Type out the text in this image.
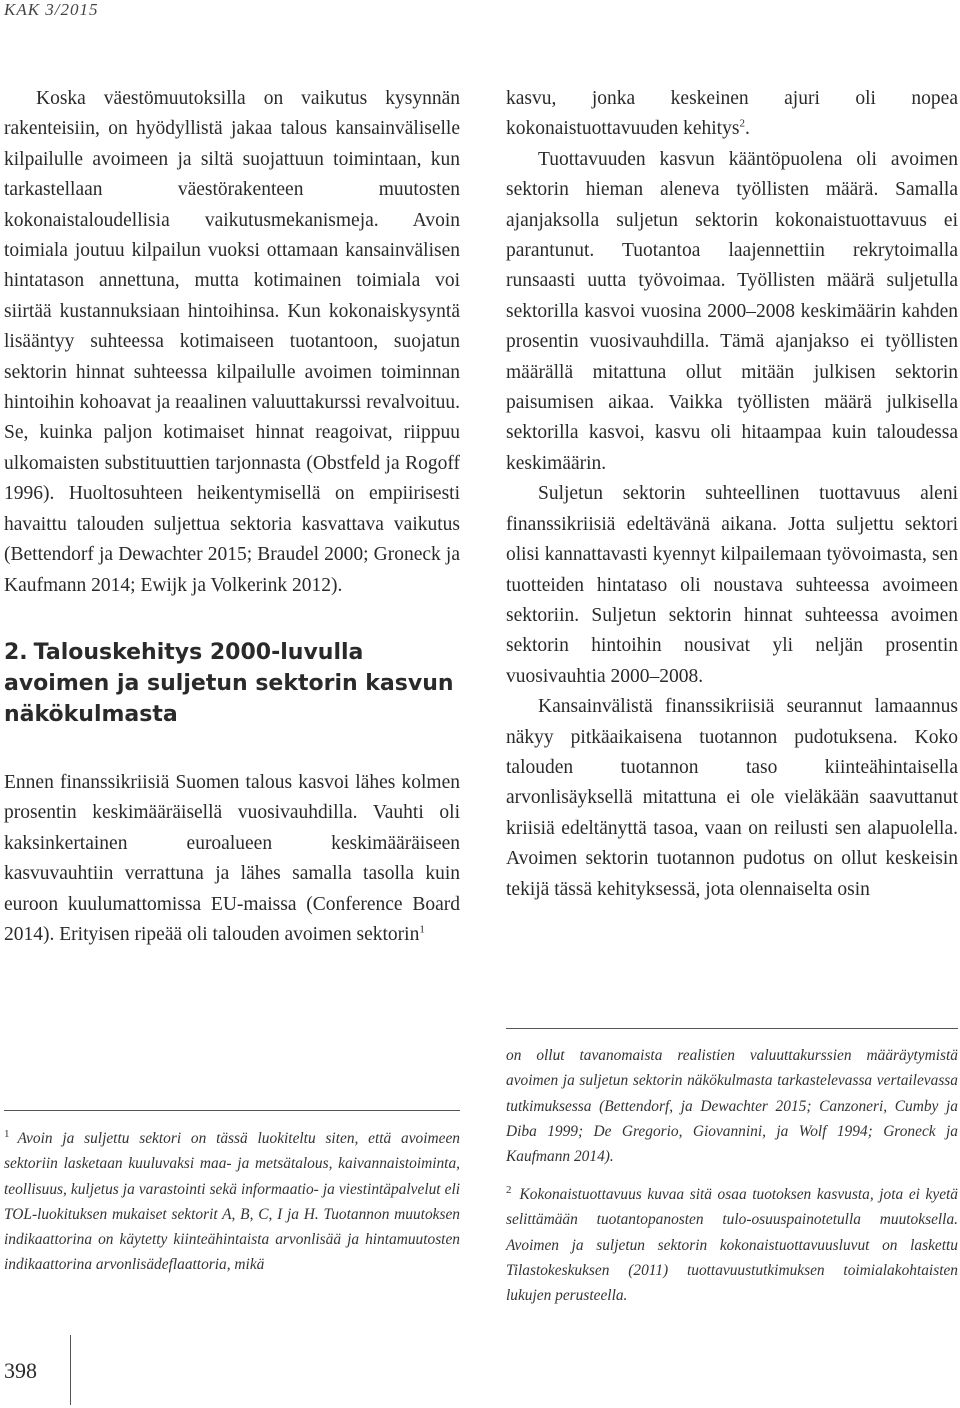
KAK 3/2015

Koska väestömuutoksilla on vaikutus kysynnän rakenteisiin, on hyödyllistä jakaa talous kansainväliselle kilpailulle avoimeen ja siltä suojattuun toimintaan, kun tarkastellaan väestörakenteen muutosten kokonaistaloudellisia vaikutusmekanismeja. Avoin toimiala joutuu kilpailun vuoksi ottamaan kansainvälisen hintatason annettuna, mutta kotimainen toimiala voi siirtää kustannuksiaan hintoihinsa. Kun kokonaiskysyntä lisääntyy suhteessa kotimaiseen tuotantoon, suojatun sektorin hinnat suhteessa kilpailulle avoimen toiminnan hintoihin kohoavat ja reaalinen valuuttakurssi revalvoituu. Se, kuinka paljon kotimaiset hinnat reagoivat, riippuu ulkomaisten substituuttien tarjonnasta (Obstfeld ja Rogoff 1996). Huoltosuhteen heikentymisellä on empiirisesti havaittu talouden suljettua sektoria kasvattava vaikutus (Bettendorf ja Dewachter 2015; Braudel 2000; Groneck ja Kaufmann 2014; Ewijk ja Volkerink 2012).

2. Talouskehitys 2000-luvulla avoimen ja suljetun sektorin kasvun näkökulmasta

Ennen finanssikriisiä Suomen talous kasvoi lähes kolmen prosentin keskimääräisellä vuosivauhdilla. Vauhti oli kaksinkertainen euroalueen keskimääräiseen kasvuvauhtiin verrattuna ja lähes samalla tasolla kuin euroon kuulumattomissa EU-maissa (Conference Board 2014). Erityisen ripeää oli talouden avoimen sektorin$^1$

kasvu, jonka keskeinen ajuri oli nopea kokonaistuottavuuden kehitys$^2$.

Tuottavuuden kasvun kääntöpuolena oli avoimen sektorin hieman aleneva työllisten määrä. Samalla ajanjaksolla suljetun sektorin kokonaistuottavuus ei parantunut. Tuotantoa laajennettiin rekrytoimalla runsaasti uutta työvoimaa. Työllisten määrä suljetulla sektorilla kasvoi vuosina 2000–2008 keskimäärin kahden prosentin vuosivauhdilla. Tämä ajanjakso ei työllisten määrällä mitattuna ollut mitään julkisen sektorin paisumisen aikaa. Vaikka työllisten määrä julkisella sektorilla kasvoi, kasvu oli hitaampaa kuin taloudessa keskimäärin.

Suljetun sektorin suhteellinen tuottavuus aleni finanssikriisiä edeltävänä aikana. Jotta suljettu sektori olisi kannattavasti kyennyt kilpailemaan työvoimasta, sen tuotteiden hintataso oli noustava suhteessa avoimeen sektoriin. Suljetun sektorin hinnat suhteessa avoimen sektorin hintoihin nousivat yli neljän prosentin vuosivauhtia 2000–2008.

Kansainvälistä finanssikriisiä seurannut lamaannus näkyy pitkäaikaisena tuotannon pudotuksena. Koko talouden tuotannon taso kiinteähintaisella arvonlisäyksellä mitattuna ei ole vieläkään saavuttanut kriisiä edeltänyttä tasoa, vaan on reilusti sen alapuolella. Avoimen sektorin tuotannon pudotus on ollut keskeisin tekijä tässä kehityksessä, jota olennaiselta osin

$^1$ Avoin ja suljettu sektori on tässä luokiteltu siten, että avoimeen sektoriin lasketaan kuuluvaksi maa- ja metsätalous, kaivannaistoiminta, teollisuus, kuljetus ja varastointi sekä informaatio- ja viestintäpalvelut eli TOL-luokituksen mukaiset sektorit A, B, C, I ja H. Tuotannon muutoksen indikaattorina on käytetty kiinteähintaista arvonlisää ja hintamuutosten indikaattorina arvonlisädeflaattoria, mikä
on ollut tavanomaista realistien valuuttakurssien määräytymistä avoimen ja suljetun sektorin näkökulmasta tarkastelevassa vertailevassa tutkimuksessa (Bettendorf, ja Dewachter 2015; Canzoneri, Cumby ja Diba 1999; De Gregorio, Giovannini, ja Wolf 1994; Groneck ja Kaufmann 2014).
$^2$ Kokonaistuottavuus kuvaa sitä osaa tuotoksen kasvusta, jota ei kyetä selittämään tuotantopanosten tulo-osuuspainotetulla muutoksella. Avoimen ja suljetun sektorin kokonaistuottavuusluvut on laskettu Tilastokeskuksen (2011) tuottavuustutkimuksen toimialakohtaisten lukujen perusteella.
398
